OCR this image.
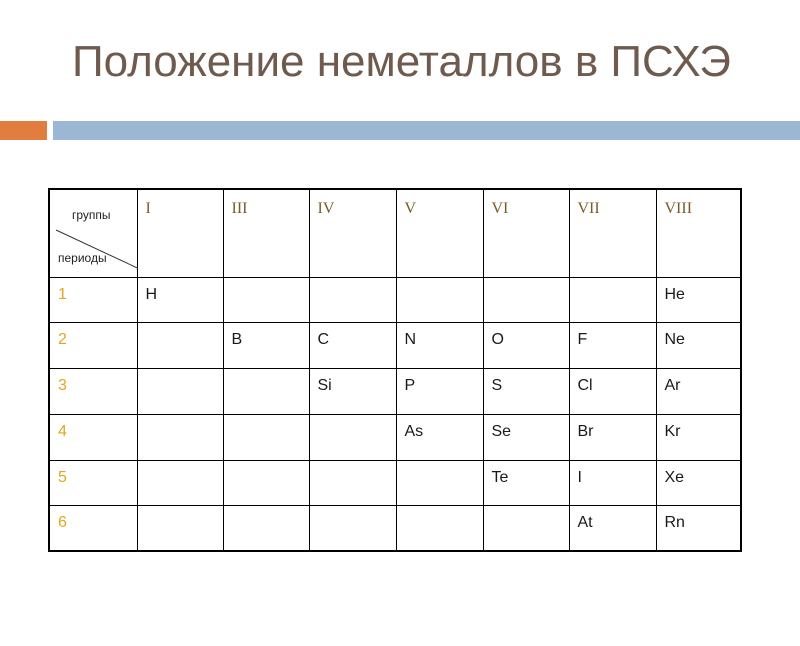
Положение неметаллов в ПСХЭ
группы
периоды	I	III	IV	V	VI	VII	VIII
1	H						He
2		B	C	N	O	F	Ne
3			Si	P	S	Cl	Ar
4				As	Se	Br	Kr
5					Te	I	Xe
6						At	Rn
